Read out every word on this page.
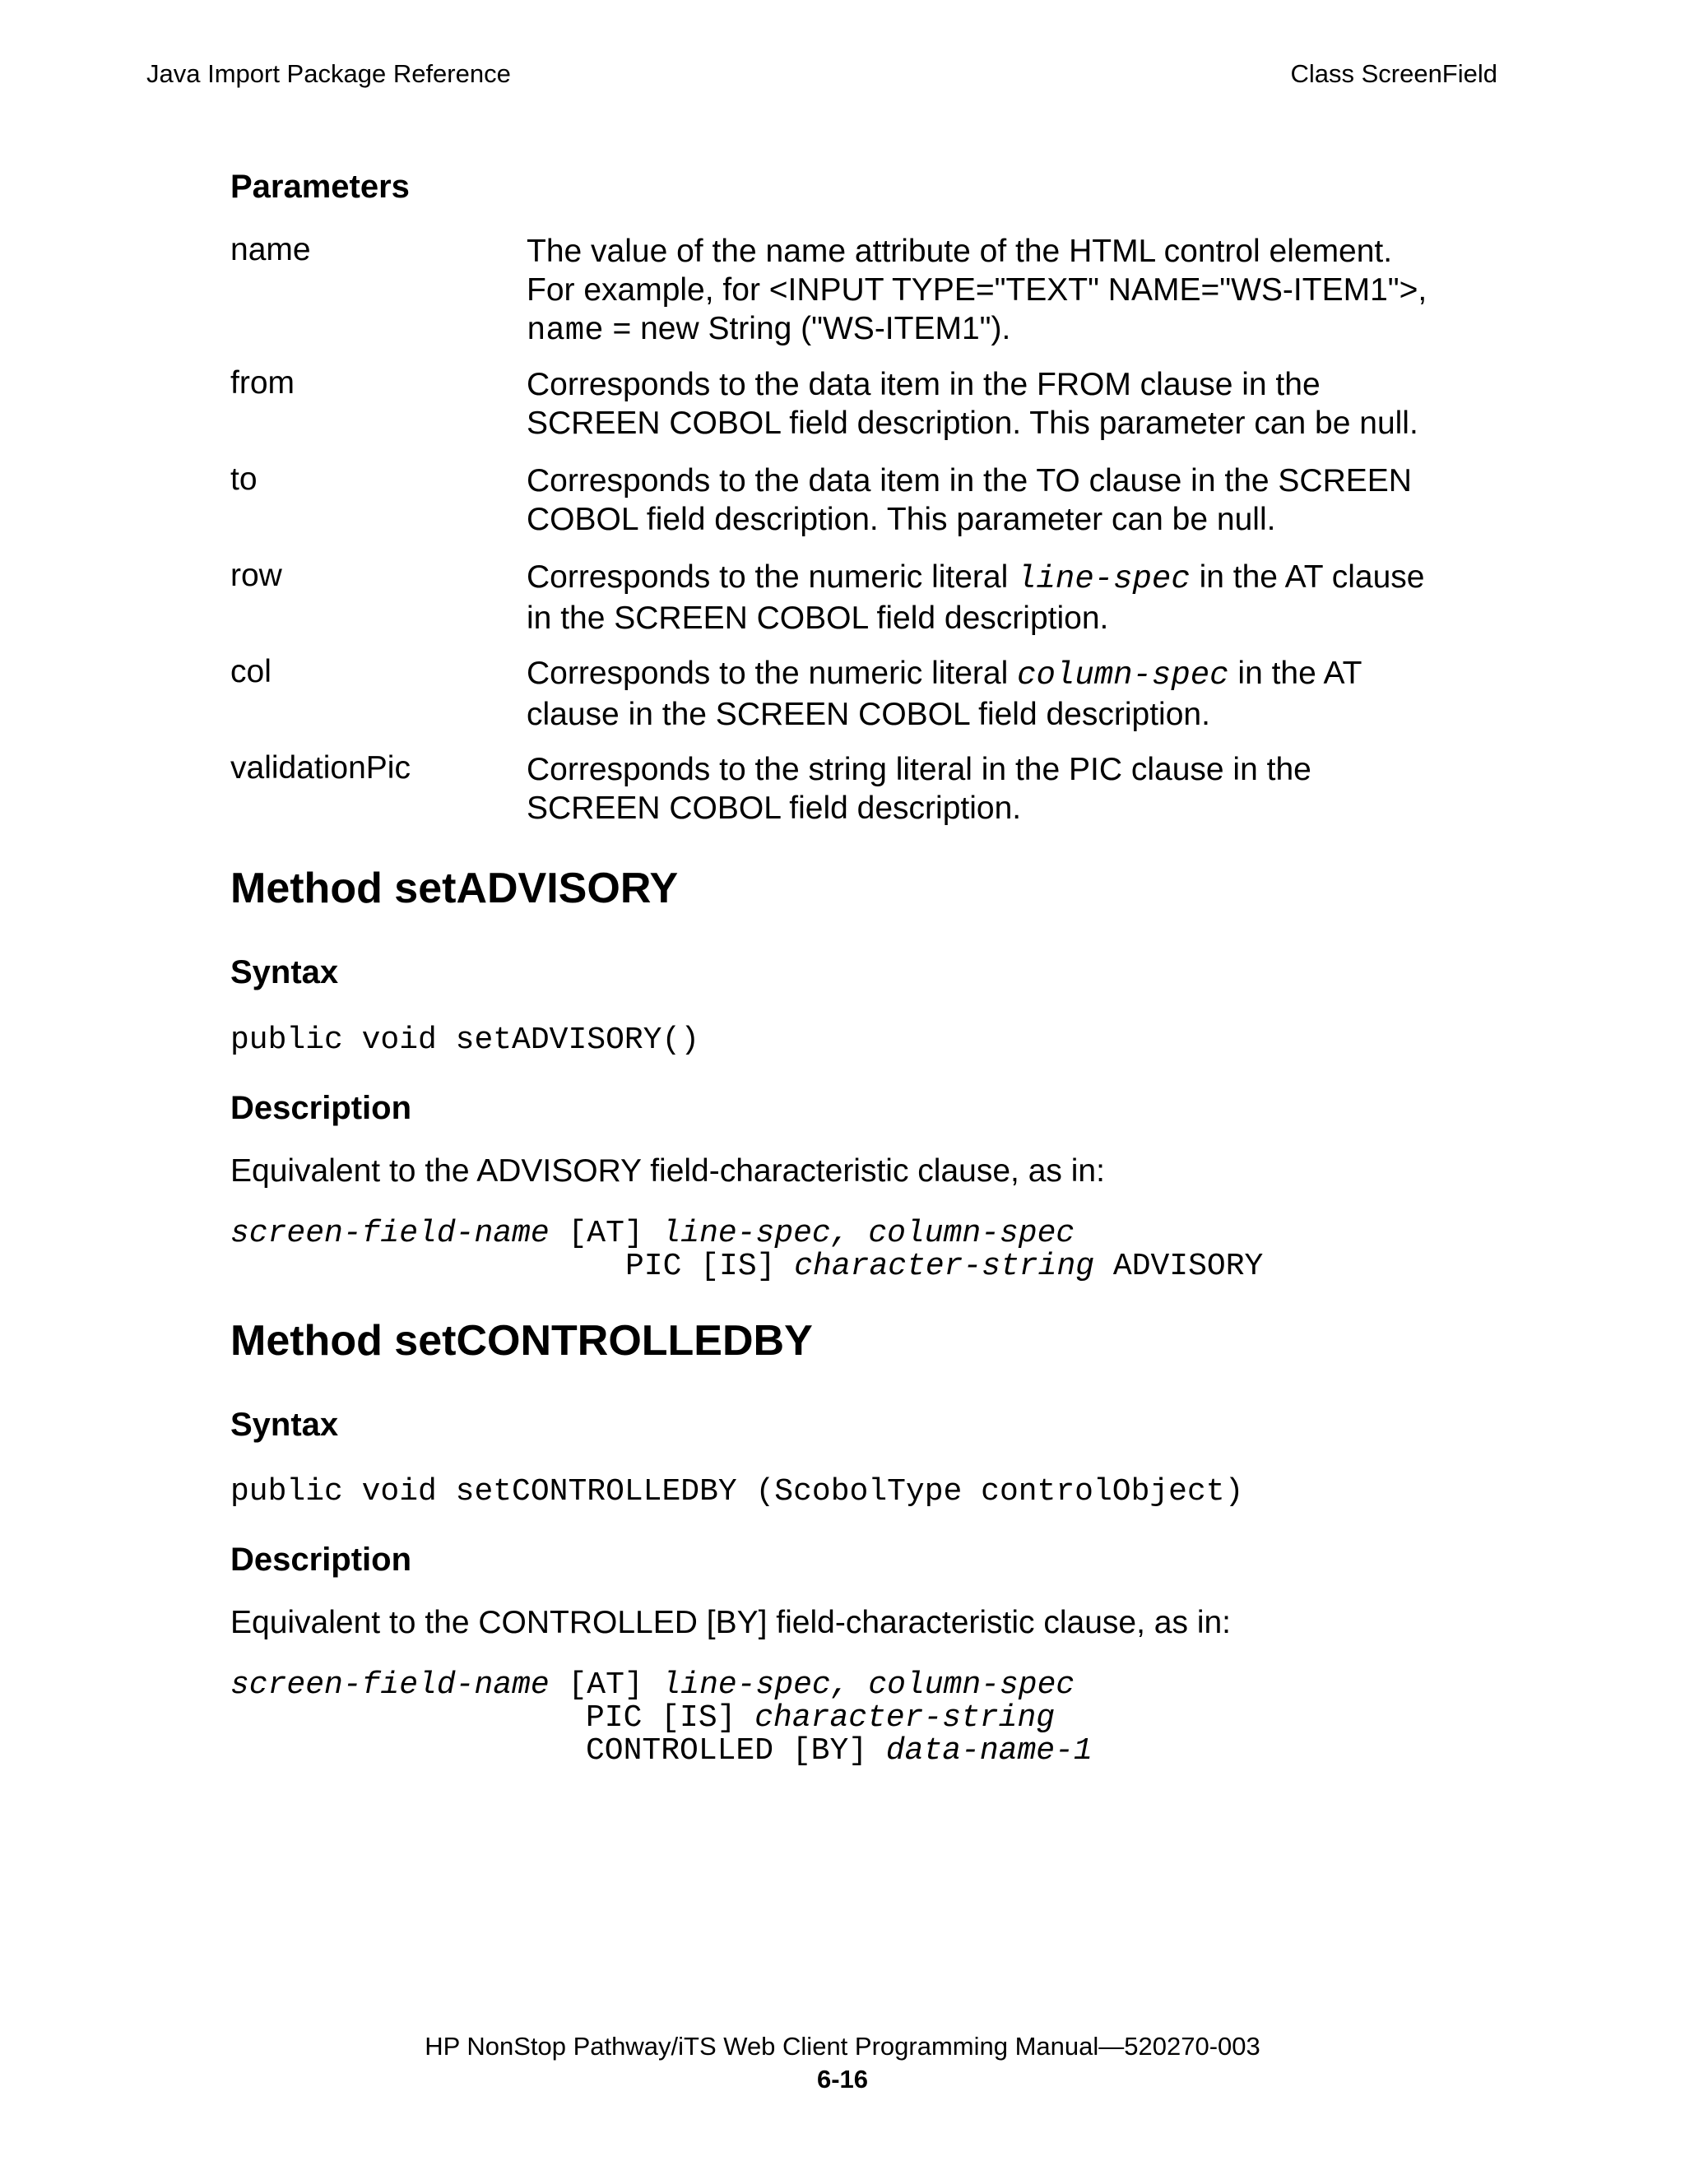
Java Import Package Reference	Class ScreenField
Parameters
name	The value of the name attribute of the HTML control element.
For example, for <INPUT TYPE="TEXT" NAME="WS-ITEM1">,
name = new String ("WS-ITEM1").
from	Corresponds to the data item in the FROM clause in the
SCREEN COBOL field description. This parameter can be null.
to	Corresponds to the data item in the TO clause in the SCREEN
COBOL field description. This parameter can be null.
row	Corresponds to the numeric literal line-spec in the AT clause
in the SCREEN COBOL field description.
col	Corresponds to the numeric literal column-spec in the AT
clause in the SCREEN COBOL field description.
validationPic	Corresponds to the string literal in the PIC clause in the
SCREEN COBOL field description.
Method setADVISORY
Syntax
public void setADVISORY()
Description
Equivalent to the ADVISORY field-characteristic clause, as in:
screen-field-name [AT] line-spec, column-spec
PIC [IS] character-string ADVISORY
Method setCONTROLLEDBY
Syntax
public void setCONTROLLEDBY (ScobolType controlObject)
Description
Equivalent to the CONTROLLED [BY] field-characteristic clause, as in:
screen-field-name [AT] line-spec, column-spec
PIC [IS] character-string
CONTROLLED [BY] data-name-1
HP NonStop Pathway/iTS Web Client Programming Manual—520270-003
6-16
